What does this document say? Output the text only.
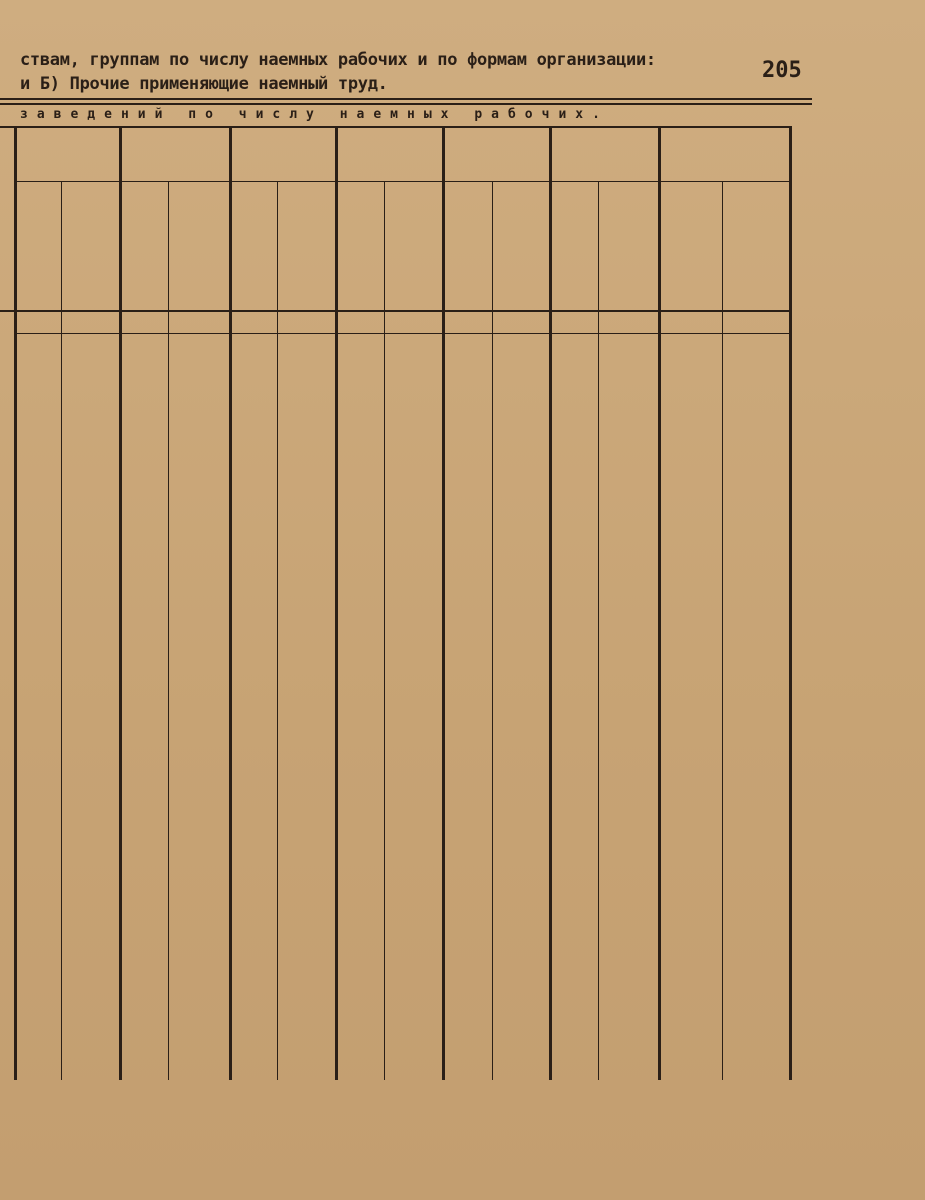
ствам, группам по числу наемных рабочих и по формам организации:
и Б) Прочие применяющие наемный труд.
205
заведений по числу наемных рабочих.
